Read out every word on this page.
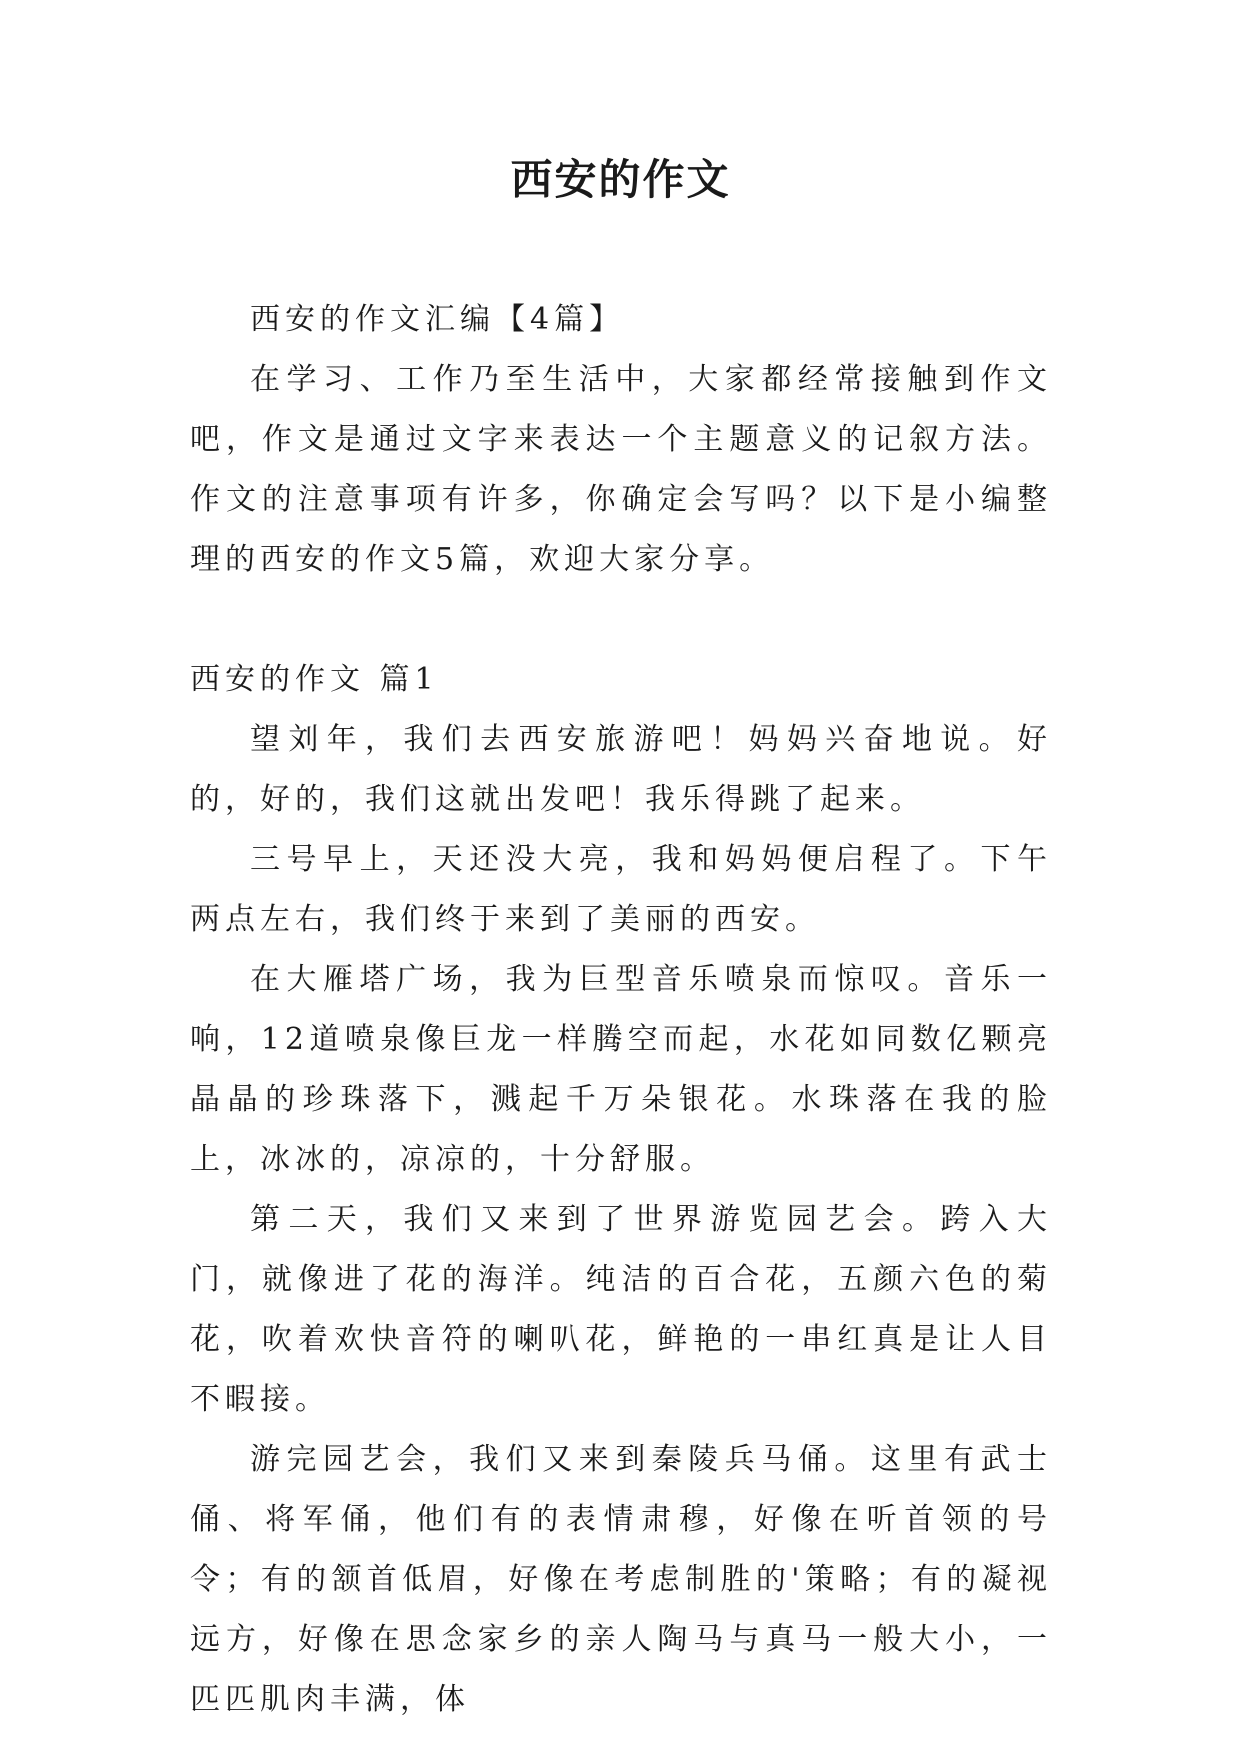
西安的作文

西安的作文汇编【4篇】

在学习、工作乃至生活中，大家都经常接触到作文吧，作文是通过文字来表达一个主题意义的记叙方法。作文的注意事项有许多，你确定会写吗？以下是小编整理的西安的作文5篇，欢迎大家分享。

西安的作文 篇1

望刘年，我们去西安旅游吧！妈妈兴奋地说。好的，好的，我们这就出发吧！我乐得跳了起来。

三号早上，天还没大亮，我和妈妈便启程了。下午两点左右，我们终于来到了美丽的西安。

在大雁塔广场，我为巨型音乐喷泉而惊叹。音乐一响，12道喷泉像巨龙一样腾空而起，水花如同数亿颗亮晶晶的珍珠落下，溅起千万朵银花。水珠落在我的脸上，冰冰的，凉凉的，十分舒服。

第二天，我们又来到了世界游览园艺会。跨入大门，就像进了花的海洋。纯洁的百合花，五颜六色的菊花，吹着欢快音符的喇叭花，鲜艳的一串红真是让人目不暇接。

游完园艺会，我们又来到秦陵兵马俑。这里有武士俑、将军俑，他们有的表情肃穆，好像在听首领的号令；有的颔首低眉，好像在考虑制胜的'策略；有的凝视远方，好像在思念家乡的亲人陶马与真马一般大小，一匹匹肌肉丰满，体
